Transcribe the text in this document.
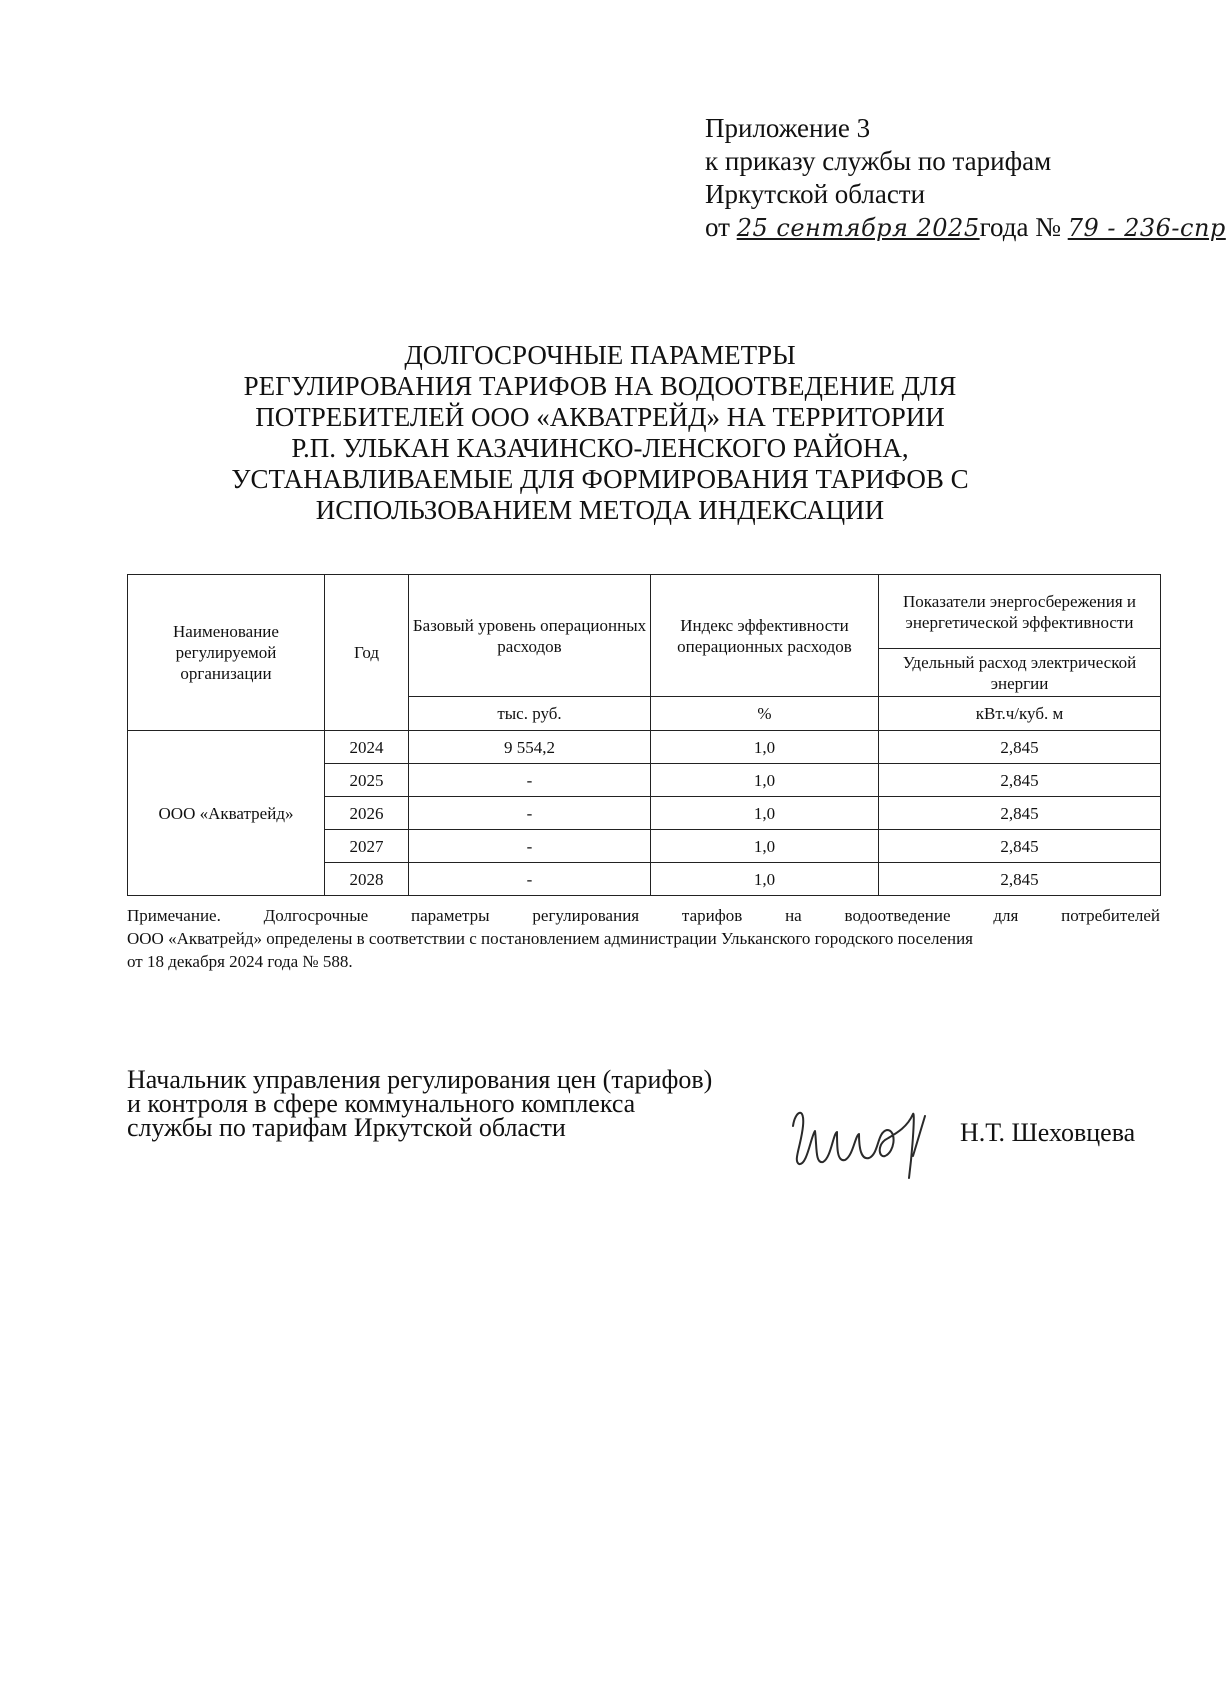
Приложение 3
к приказу службы по тарифам
Иркутской области
от 25 сентября 2025года № 79 - 236-спр
ДОЛГОСРОЧНЫЕ ПАРАМЕТРЫ
РЕГУЛИРОВАНИЯ ТАРИФОВ НА ВОДООТВЕДЕНИЕ ДЛЯ
ПОТРЕБИТЕЛЕЙ ООО «АКВАТРЕЙД» НА ТЕРРИТОРИИ
Р.П. УЛЬКАН КАЗАЧИНСКО-ЛЕНСКОГО РАЙОНА,
УСТАНАВЛИВАЕМЫЕ ДЛЯ ФОРМИРОВАНИЯ ТАРИФОВ С
ИСПОЛЬЗОВАНИЕМ МЕТОДА ИНДЕКСАЦИИ
Наименование регулируемой организации	Год	Базовый уровень операционных расходов	Индекс эффективности операционных расходов	Показатели энергосбережения и энергетической эффективности
				Удельный расход электрической энергии
		тыс. руб.	%	кВт.ч/куб. м
ООО «Акватрейд»	2024	9 554,2	1,0	2,845
	2025	-	1,0	2,845
	2026	-	1,0	2,845
	2027	-	1,0	2,845
	2028	-	1,0	2,845
Примечание. Долгосрочные параметры регулирования тарифов на водоотведение для потребителей
ООО «Акватрейд» определены в соответствии с постановлением администрации Ульканского городского поселения
от 18 декабря 2024 года № 588.
Начальник управления регулирования цен (тарифов)
и контроля в сфере коммунального комплекса
службы по тарифам Иркутской области	Н.Т. Шеховцева
